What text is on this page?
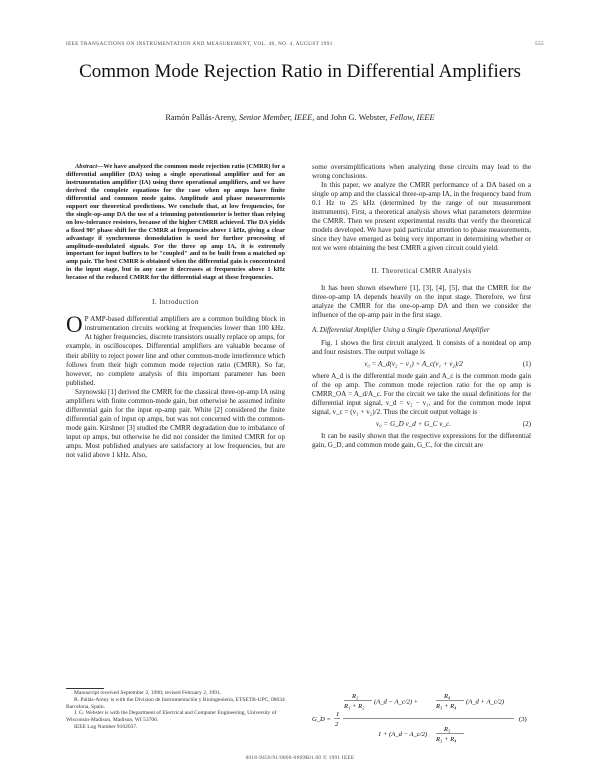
IEEE TRANSACTIONS ON INSTRUMENTATION AND MEASUREMENT, VOL. 40, NO. 4, AUGUST 1991	555
Common Mode Rejection Ratio in Differential Amplifiers
Ramón Pallás-Areny, Senior Member, IEEE, and John G. Webster, Fellow, IEEE

Abstract—We have analyzed the common mode rejection ratio (CMRR) for a differential amplifier (DA) using a single operational amplifier and for an instrumentation amplifier (IA) using three operational amplifiers, and we have derived the complete equations for the case when op amps have finite differential and common mode gains. Amplitude and phase measurements support our theoretical predictions. We conclude that, at low frequencies, for the single-op-amp DA the use of a trimming potentiometer is better than relying on low-tolerance resistors, because of the higher CMRR achieved. The DA yields a fixed 90° phase shift for the CMRR at frequencies above 1 kHz, giving a clear advantage if synchronous demodulation is used for further processing of amplitude-modulated signals. For the three op amp IA, it is extremely important for input buffers to be "coupled" and to be built from a matched op amp pair. The best CMRR is obtained when the differential gain is concentrated in the input stage, but in any case it decreases at frequencies above 1 kHz because of the reduced CMRR for the differential stage at these frequencies.

I. Introduction
O P AMP-based differential amplifiers are a common building block in instrumentation circuits working at frequencies lower than 100 kHz. At higher frequencies, discrete transistors usually replace op amps, for example, in oscilloscopes. Differential amplifiers are valuable because of their ability to reject power line and other common-mode interference which follows from their high common mode rejection ratio (CMRR). So far, however, no complete analysis of this important parameter has been published.

Szynowski [1] derived the CMRR for the classical three-op-amp IA using amplifiers with finite common-mode gain, but otherwise he assumed infinite differential gain for the input op-amp pair. White [2] considered the finite differential gain of input op amps, but was not concerned with the common-mode gain. Kirshner [3] studied the CMRR degradation due to imbalance of input op amps, but otherwise he did not consider the limited CMRR for op amps. Most published analyses are satisfactory at low frequencies, but are not valid above 1 kHz. Also,

Manuscript received September 2, 1990; revised February 2, 1991.

R. Pallás-Areny is with the Division de Instrumentación y Bioingeniería, ETSETB-UPC, 08034 Barcelona, Spain.

J. G. Webster is with the Department of Electrical and Computer Engineering, University of Wisconsin-Madison, Madison, WI 53706.

IEEE Log Number 9102037.

some oversimplifications when analyzing these circuits may lead to the wrong conclusions.

In this paper, we analyze the CMRR performance of a DA based on a single op amp and the classical three-op-amp IA, in the frequency band from 0.1 Hz to 25 kHz (determined by the range of our measurement instruments). First, a theoretical analysis shows what parameters determine the CMRR. Then we present experimental results that verify the theoretical models developed. We have paid particular attention to phase measurements, since they have emerged as being very important in determining whether or not we were obtaining the best CMRR a given circuit could yield.

II. Theoretical CMRR Analysis

It has been shown elsewhere [1], [3], [4], [5], that the CMRR for the three-op-amp IA depends heavily on the input stage. Therefore, we first analyze the CMRR for the one-op-amp DA and then we consider the influence of the op-amp pair in the first stage.

A. Differential Amplifier Using a Single Operational Amplifier

Fig. 1 shows the first circuit analyzed. It consists of a nonideal op amp and four resistors. The output voltage is

v₀ = A_d(v₂ − v₁) + A_c(v₁ + v₂)/2	(1)

where A_d is the differential mode gain and A_c is the common mode gain of the op amp. The common mode rejection ratio for the op amp is CMRR_OA = A_d/A_c. For the circuit we take the usual definitions for the differential input signal, v_d = v₂ − v₁, and for the common mode input signal, v_c = (v₁ + v₂)/2. Thus the circuit output voltage is

v₀ = G_D v_d + G_C v_c.	(2)

It can be easily shown that the respective expressions for the differential gain, G_D, and common mode gain, G_C, for the circuit are

G_D =
1
2
R₂
R₁ + R₂
(A_d − A_c/2) +
R₄
R₃ + R₄
(A_d + A_c/2)
1 + (A_d − A_c/2)
R₃
R₃ + R₄
(3)
0018-9456/91/0800-0669$01.00 © 1991 IEEE
